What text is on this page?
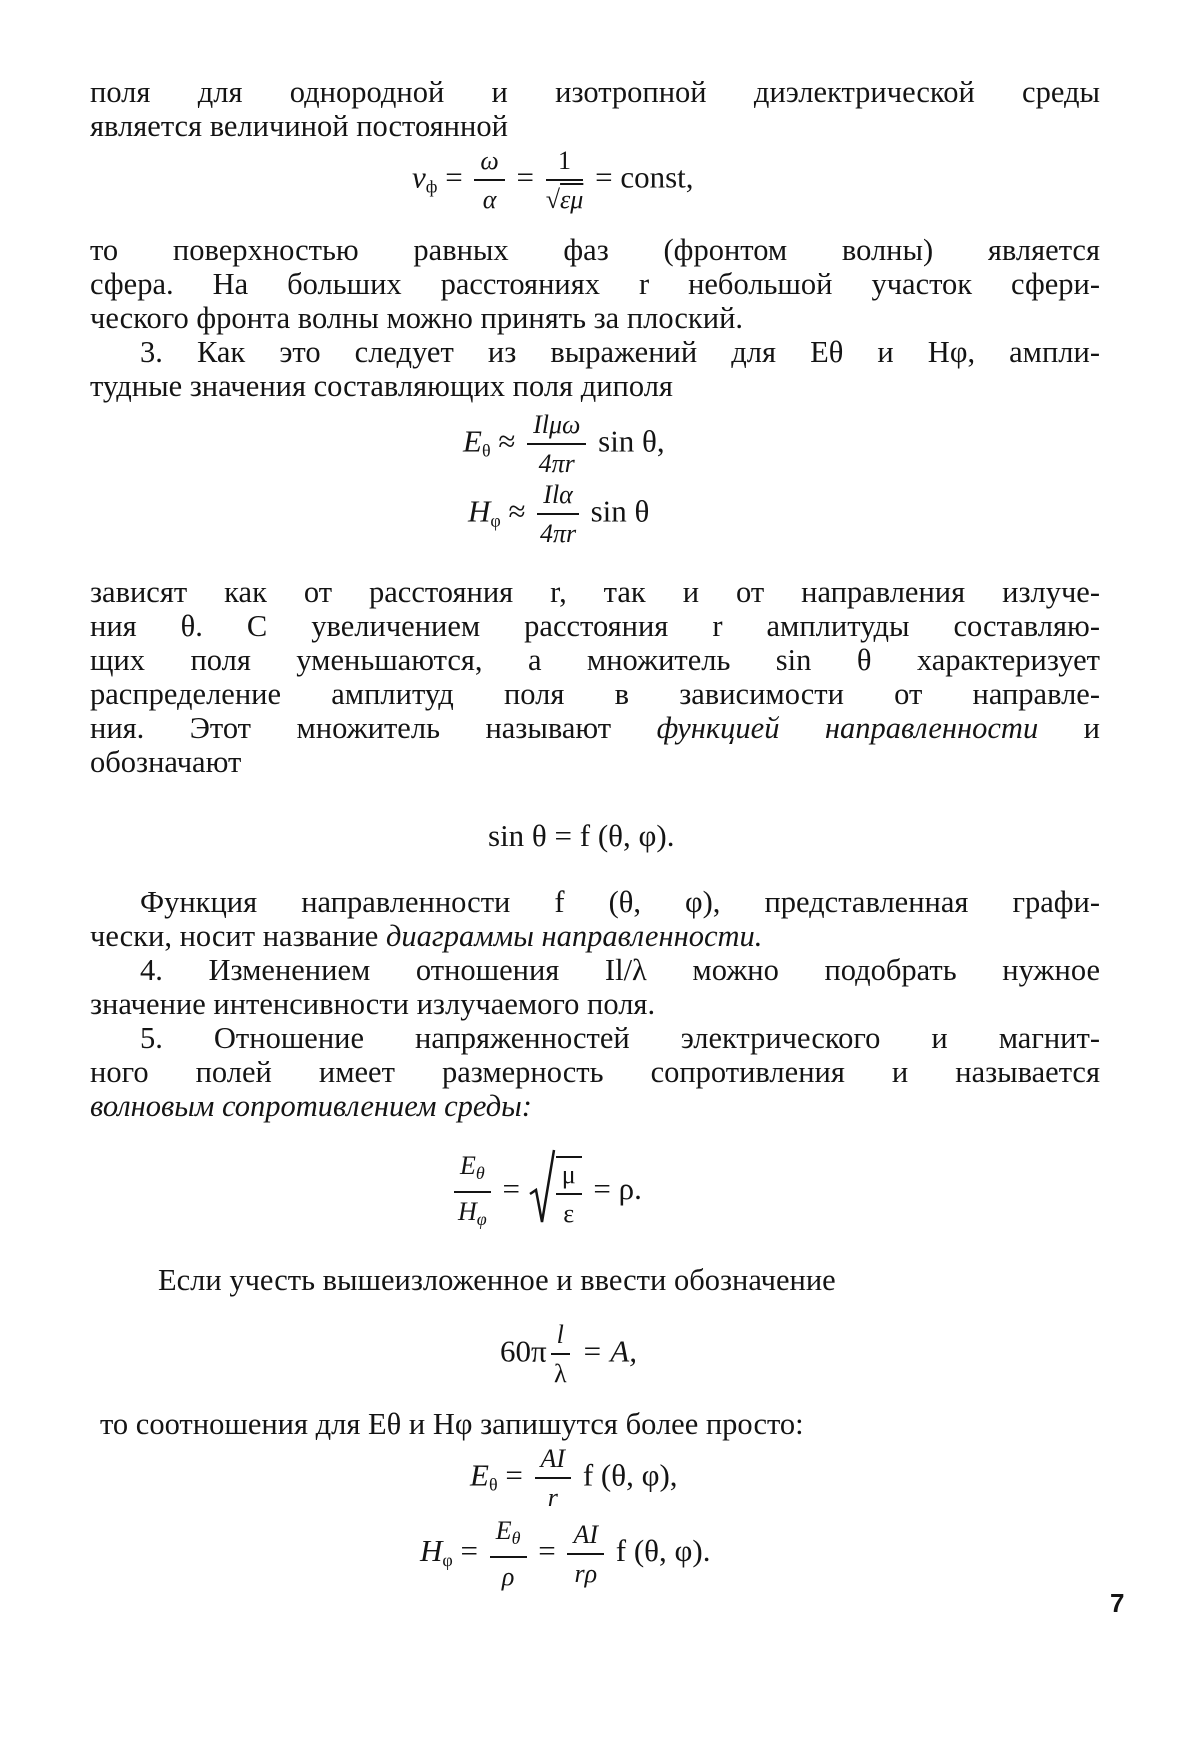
поля для однородной и изотропной диэлектрической среды
является величиной постоянной
$v_ф = \frac{\omega}{\alpha} = \frac{1}{√\varepsilon\mu}$ = const,
то поверхностью равных фаз (фронтом волны) является
сфера. На больших расстояниях r небольшой участок сфери-
ческого фронта волны можно принять за плоский.
3. Как это следует из выражений для Eθ и Hφ, ампли-
тудные значения составляющих поля диполя
$E_\theta \approx \frac{\text{Ilμω}}{4\pi r}$ sin θ,
$H_\varphi \approx \frac{\text{Ilα}}{4\pi r}$ sin θ
зависят как от расстояния r, так и от направления излуче-
ния θ. С увеличением расстояния r амплитуды составляю-
щих поля уменьшаются, а множитель sin θ характеризует
распределение амплитуд поля в зависимости от направле-
ния. Этот множитель называют функцией направленности и
обозначают
sin θ = f (θ, φ).
Функция направленности f (θ, φ), представленная графи-
чески, носит название диаграммы направленности.
4. Изменением отношения Il/λ можно подобрать нужное
значение интенсивности излучаемого поля.
5. Отношение напряженностей электрического и магнит-
ного полей имеет размерность сопротивления и называется
волновым сопротивлением среды:
$\frac{E_\theta}{H_\varphi} = \frac{\mu}{\varepsilon} = \rho$.
Если учесть вышеизложенное и ввести обозначение
$60\pi \frac{l}{\lambda} = A$,
то соотношения для Eθ и Hφ запишутся более просто:
$E_\theta = \frac{AI}{r}$ f (θ, φ),
$H_\varphi = \frac{E_\theta}{\rho} = \frac{AI}{r\rho}$ f (θ, φ).
7
